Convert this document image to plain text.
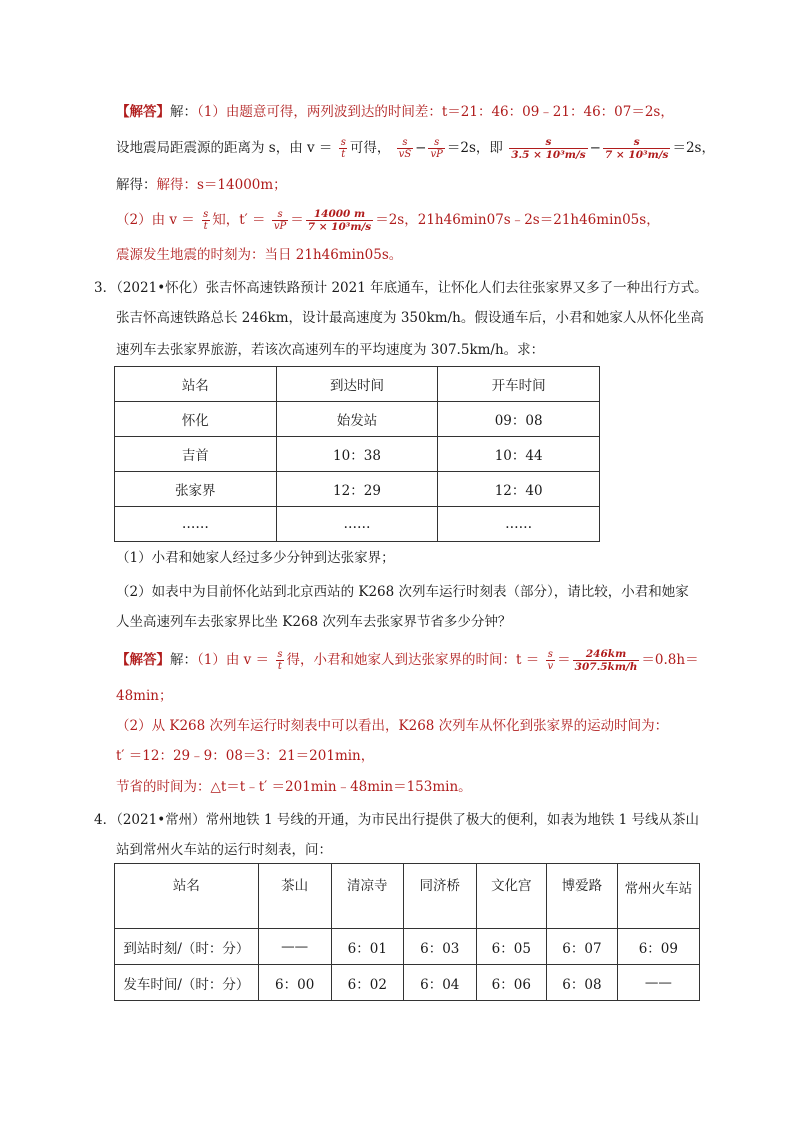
【解答】解：（1）由题意可得，两列波到达的时间差：t＝21：46：09﹣21：46：07＝2s，
设地震局距震源的距离为 s，由 $v = \frac{s}{t}$ 可得， $\frac{s}{vS} - \frac{s}{vP} =2s$，即 $\frac{s}{\text{3.5 × 10³m/s}} - \frac{s}{\text{7 × 10³m/s}} =2s$，
解得：解得：s＝14000m；
（2）由 $v = \frac{s}{t}$ 知，$t' = \frac{s}{vP} = \frac{14000 m}{\text{7 × 10³m/s}} =2s$，21h46min07s﹣2s＝21h46min05s，
震源发生地震的时刻为：当日 21h46min05s。
3．（2021•怀化）张吉怀高速铁路预计 2021 年底通车，让怀化人们去往张家界又多了一种出行方式。
张吉怀高速铁路总长 246km，设计最高速度为 350km/h。假设通车后，小君和她家人从怀化坐高
速列车去张家界旅游，若该次高速列车的平均速度为 307.5km/h。求：
站名	到达时间	开车时间
怀化	始发站	09：08
吉首	10：38	10：44
张家界	12：29	12：40
……	……	……
（1）小君和她家人经过多少分钟到达张家界；
（2）如表中为目前怀化站到北京西站的 K268 次列车运行时刻表（部分），请比较，小君和她家
人坐高速列车去张家界比坐 K268 次列车去张家界节省多少分钟？
【解答】解：（1）由 $v = \frac{s}{t}$ 得，小君和她家人到达张家界的时间：$t = \frac{s}{v} = \frac{246km}{307.5km/h} =0.8h=$
48min；
（2）从 K268 次列车运行时刻表中可以看出，K268 次列车从怀化到张家界的运动时间为：
t′ ＝12：29﹣9：08＝3：21＝201min，
节省的时间为：△t＝t﹣t′ ＝201min﹣48min＝153min。
4．（2021•常州）常州地铁 1 号线的开通，为市民出行提供了极大的便利，如表为地铁 1 号线从茶山
站到常州火车站的运行时刻表，问：
站名	茶山	清凉寺	同济桥	文化宫	博爱路	常州火车站
到站时刻/（时：分）	——	6：01	6：03	6：05	6：07	6：09
发车时间/（时：分）	6：00	6：02	6：04	6：06	6：08	——
